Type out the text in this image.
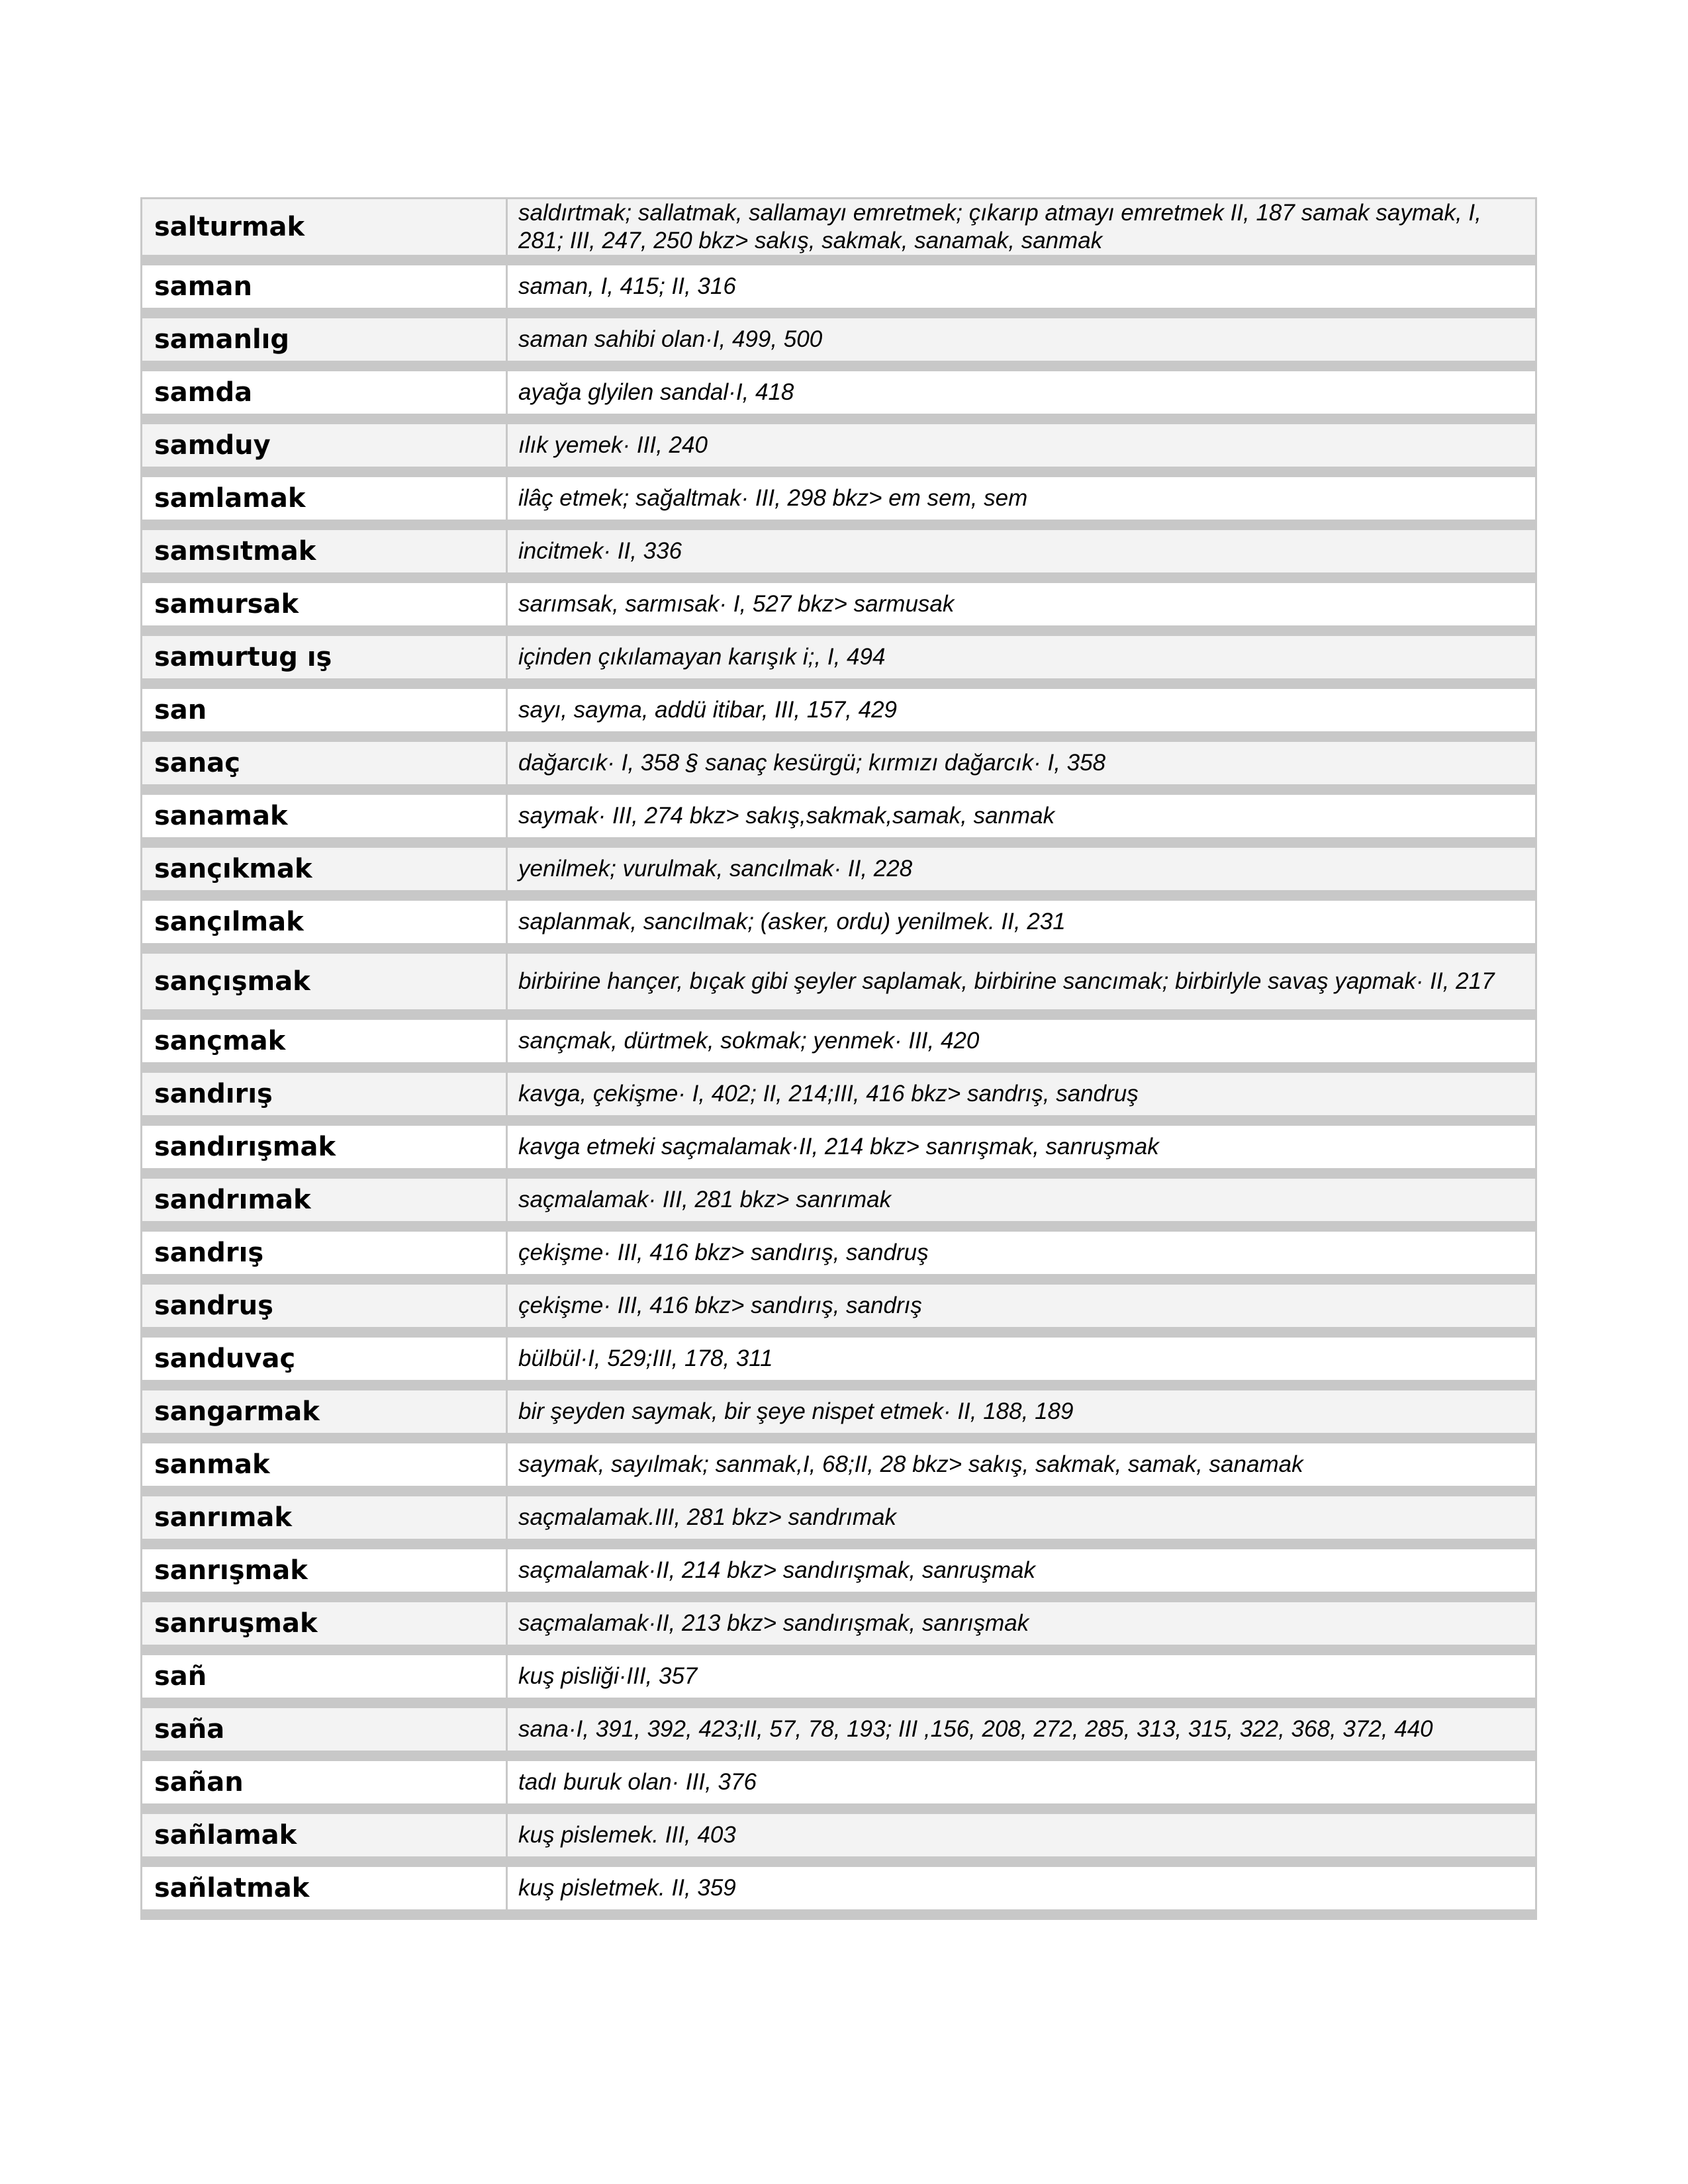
salturmak	saldırtmak; sallatmak, sallamayı emretmek; çıkarıp atmayı emretmek II, 187 samak saymak, I, 281; III, 247, 250 bkz> sakış, sakmak, sanamak, sanmak
saman	saman, I, 415; II, 316
samanlıg	saman sahibi olan·I, 499, 500
samda	ayağa glyilen sandal·I, 418
samduy	ılık yemek· III, 240
samlamak	ilâç etmek; sağaltmak· III, 298 bkz> em sem, sem
samsıtmak	incitmek· II, 336
samursak	sarımsak, sarmısak· I, 527 bkz> sarmusak
samurtug ış	içinden çıkılamayan karışık i;, I, 494
san	sayı, sayma, addü itibar, III, 157, 429
sanaç	dağarcık· I, 358 § sanaç kesürgü; kırmızı dağarcık· I, 358
sanamak	saymak· III, 274 bkz> sakış,sakmak,samak, sanmak
sançıkmak	yenilmek; vurulmak, sancılmak· II, 228
sançılmak	saplanmak, sancılmak; (asker, ordu) yenilmek. II, 231
sançışmak	birbirine hançer, bıçak gibi şeyler saplamak, birbirine sancımak; birbirlyle savaş yapmak· II, 217
sançmak	sançmak, dürtmek, sokmak; yenmek· III, 420
sandırış	kavga, çekişme· I, 402; II, 214;III, 416 bkz> sandrış, sandruş
sandırışmak	kavga etmeki saçmalamak·II, 214 bkz> sanrışmak, sanruşmak
sandrımak	saçmalamak· III, 281 bkz> sanrımak
sandrış	çekişme· III, 416 bkz> sandırış, sandruş
sandruş	çekişme· III, 416 bkz> sandırış, sandrış
sanduvaç	bülbül·I, 529;III, 178, 311
sangarmak	bir şeyden saymak, bir şeye nispet etmek· II, 188, 189
sanmak	saymak, sayılmak; sanmak,I, 68;II, 28 bkz> sakış, sakmak, samak, sanamak
sanrımak	saçmalamak.III, 281 bkz> sandrımak
sanrışmak	saçmalamak·II, 214 bkz> sandırışmak, sanruşmak
sanruşmak	saçmalamak·II, 213 bkz> sandırışmak, sanrışmak
sañ	kuş pisliği·III, 357
saña	sana·I, 391, 392, 423;II, 57, 78, 193; III ,156, 208, 272, 285, 313, 315, 322, 368, 372, 440
sañan	tadı buruk olan· III, 376
sañlamak	kuş pislemek. III, 403
sañlatmak	kuş pisletmek. II, 359
